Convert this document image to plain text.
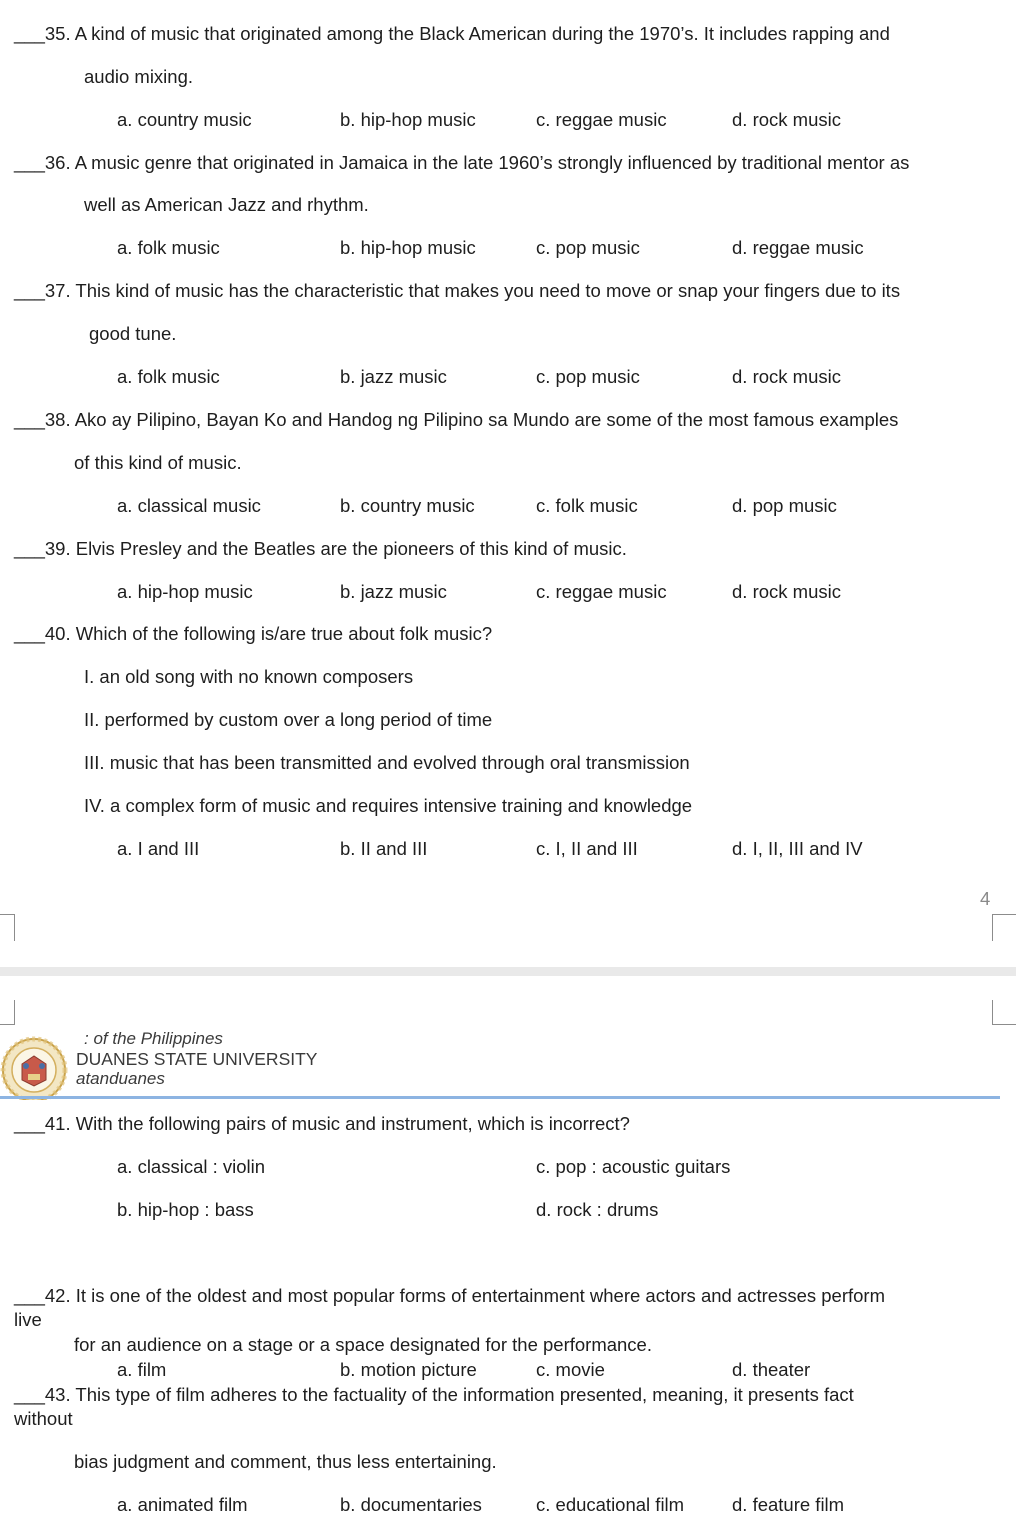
___35. A kind of music that originated among the Black American during the 1970’s. It includes rapping and
audio mixing.
a. country music	b. hip-hop music	c. reggae music	d. rock music
___36. A music genre that originated in Jamaica in the late 1960’s strongly influenced by traditional mentor as
well as American Jazz and rhythm.
a. folk music	b. hip-hop music	c. pop music	d. reggae music
___37. This kind of music has the characteristic that makes you need to move or snap your fingers due to its
good tune.
a. folk music	b. jazz music	c. pop music	d. rock music
___38. Ako ay Pilipino, Bayan Ko and Handog ng Pilipino sa Mundo are some of the most famous examples
of this kind of music.
a. classical music	b. country music	c. folk music	d. pop music
___39. Elvis Presley and the Beatles are the pioneers of this kind of music.
a. hip-hop music	b. jazz music	c. reggae music	d. rock music
___40. Which of the following is/are true about folk music?
I. an old song with no known composers
II. performed by custom over a long period of time
III. music that has been transmitted and evolved through oral transmission
IV. a complex form of music and requires intensive training and knowledge
a. I and III	b. II and III	c. I, II and III	d. I, II, III and IV
4
: of the Philippines
DUANES STATE UNIVERSITY
atanduanes
___41. With the following pairs of music and instrument, which is incorrect?
a. classical : violin	c. pop : acoustic guitars
b. hip-hop : bass	d. rock : drums
___42. It is one of the oldest and most popular forms of entertainment where actors and actresses perform
live
for an audience on a stage or a space designated for the performance.
a. film	b. motion picture	c. movie	d. theater
___43. This type of film adheres to the factuality of the information presented, meaning, it presents fact
without
bias judgment and comment, thus less entertaining.
a. animated film	b. documentaries	c. educational film	d. feature film
